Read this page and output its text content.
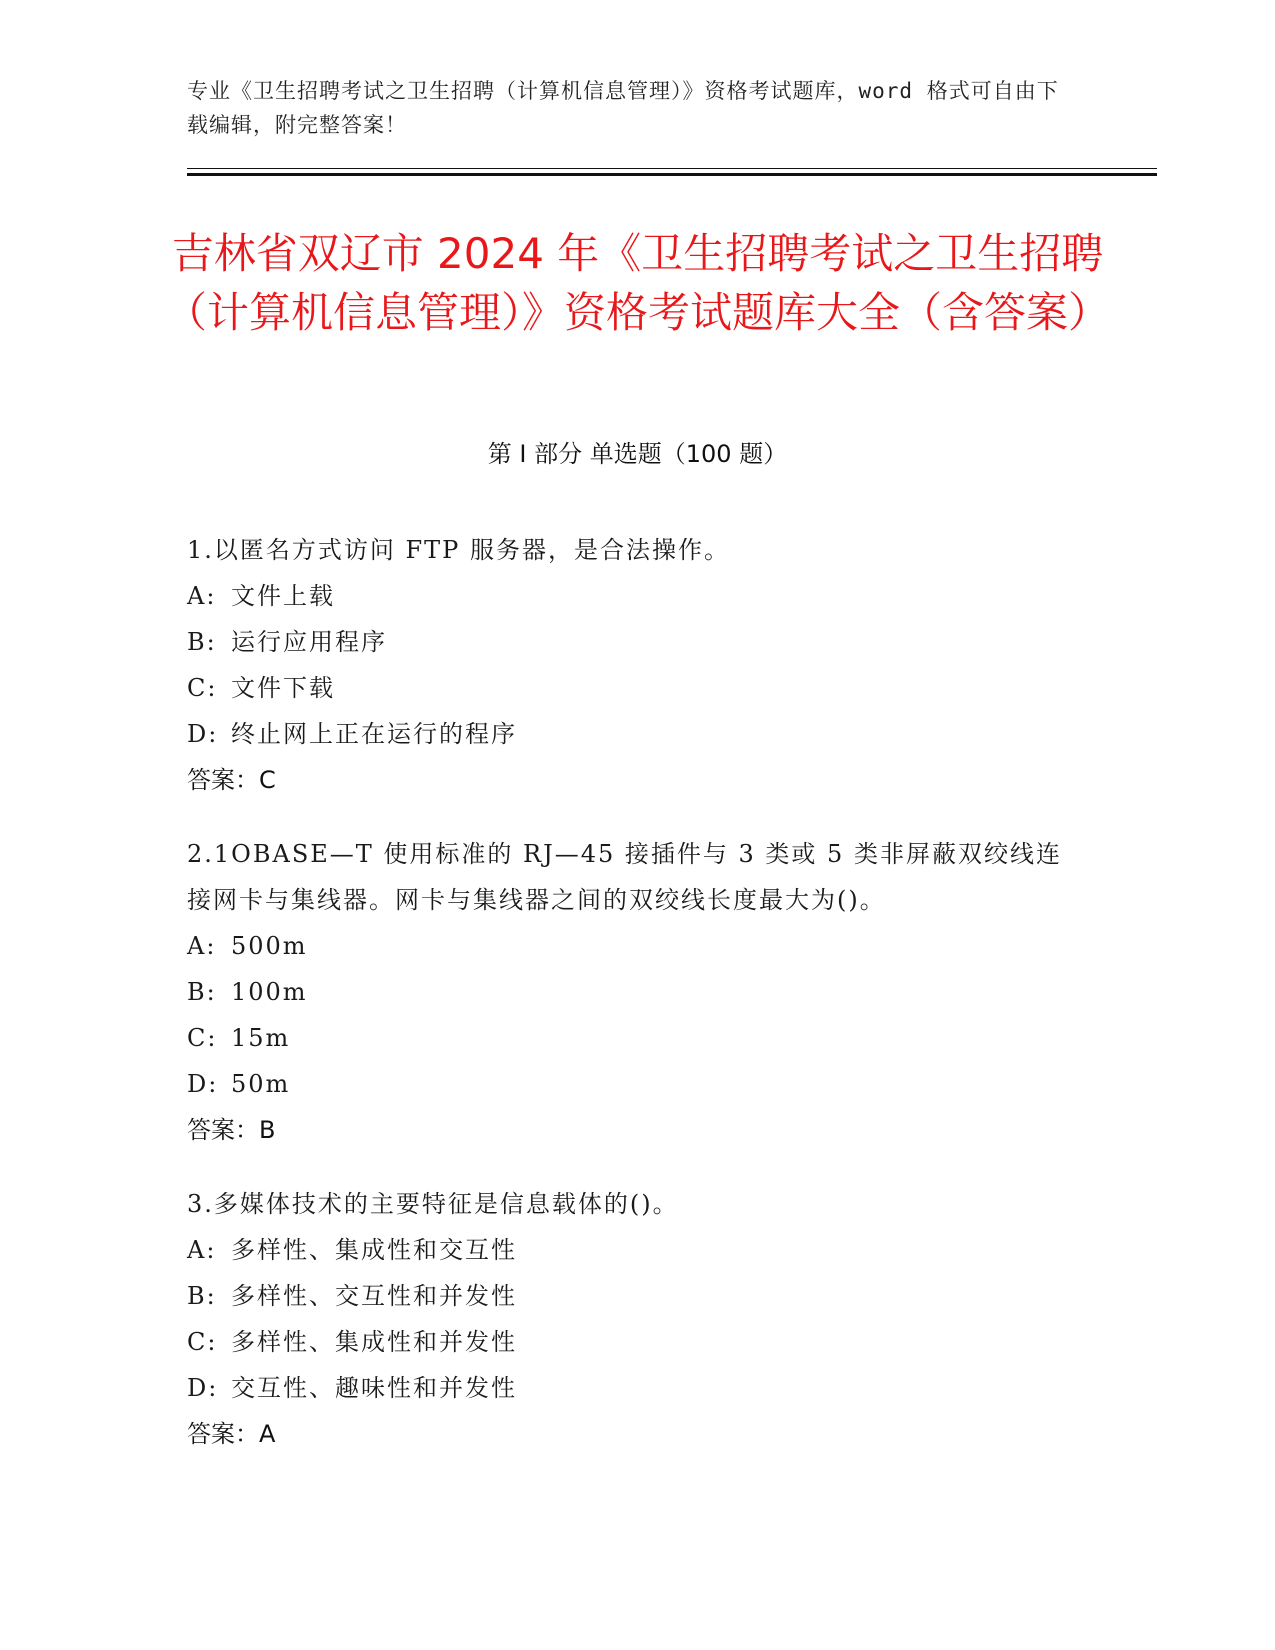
专业《卫生招聘考试之卫生招聘（计算机信息管理）》资格考试题库，word 格式可自由下载编辑，附完整答案！
吉林省双辽市 2024 年《卫生招聘考试之卫生招聘（计算机信息管理）》资格考试题库大全（含答案）
第 I 部分 单选题（100 题）
1.以匿名方式访问 FTP 服务器，是合法操作。
A: 文件上载
B: 运行应用程序
C: 文件下载
D: 终止网上正在运行的程序
答案：C
2.1OBASE—T 使用标准的 RJ—45 接插件与 3 类或 5 类非屏蔽双绞线连接网卡与集线器。网卡与集线器之间的双绞线长度最大为()。
A: 500m
B: 100m
C: 15m
D: 50m
答案：B
3.多媒体技术的主要特征是信息载体的()。
A: 多样性、集成性和交互性
B: 多样性、交互性和并发性
C: 多样性、集成性和并发性
D: 交互性、趣味性和并发性
答案：A
